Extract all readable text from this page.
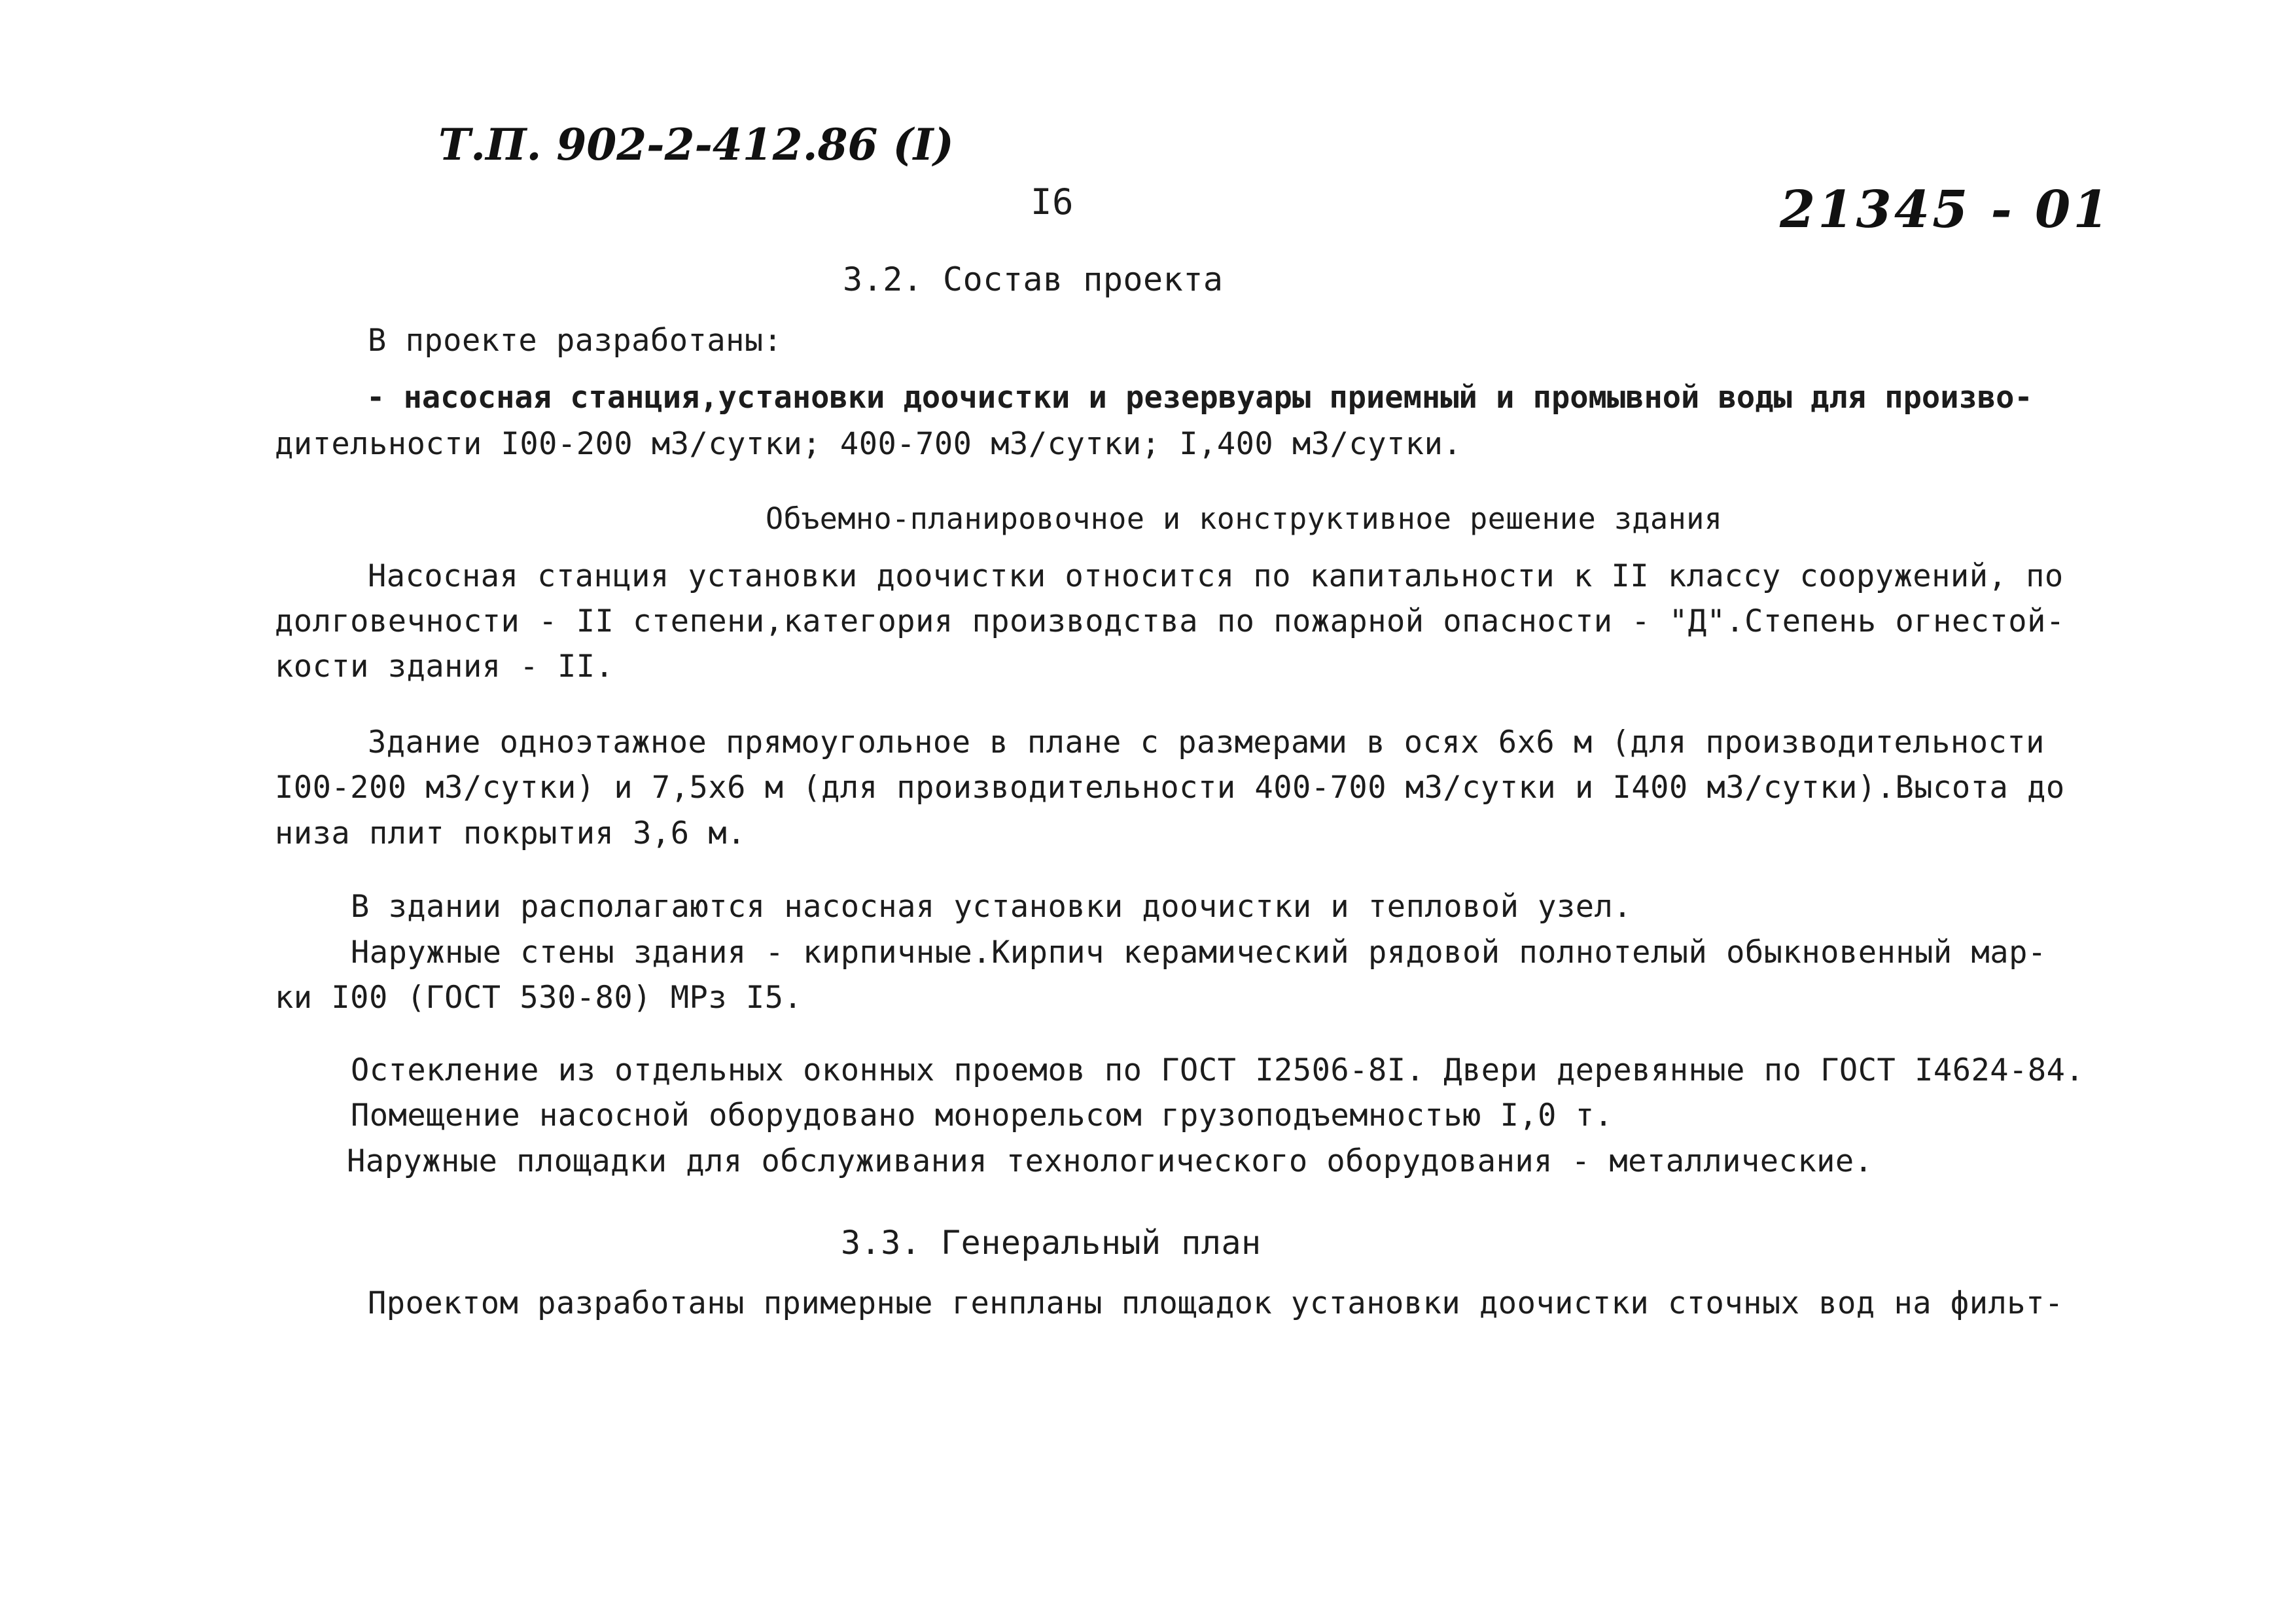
Т.П. 902-2-412.86 (I)
I6	21345 - 01
3.2. Состав проекта
В проекте разработаны:
- насосная станция,установки доочистки и резервуары приемный и промывной воды для произво-
дительности I00-200 м3/сутки; 400-700 м3/сутки; I,400 м3/сутки.
Объемно-планировочное и конструктивное решение здания
Насосная станция установки доочистки относится по капитальности к II классу сооружений, по
долговечности - II степени,категория производства по пожарной опасности - "Д".Степень огнестой-
кости здания - II.
Здание одноэтажное прямоугольное в плане с размерами в осях 6х6 м (для производительности
I00-200 м3/сутки) и 7,5х6 м (для производительности 400-700 м3/сутки и I400 м3/сутки).Высота до
низа плит покрытия 3,6 м.
В здании располагаются насосная установки доочистки и тепловой узел.
Наружные стены здания - кирпичные.Кирпич керамический рядовой полнотелый обыкновенный мар-
ки I00 (ГОСТ 530-80) МРз I5.
Остекление из отдельных оконных проемов по ГОСТ I2506-8I. Двери деревянные по ГОСТ I4624-84.
Помещение насосной оборудовано монорельсом грузоподъемностью I,0 т.
Наружные площадки для обслуживания технологического оборудования - металлические.
3.3. Генеральный план
Проектом разработаны примерные генпланы площадок установки доочистки сточных вод на фильт-
